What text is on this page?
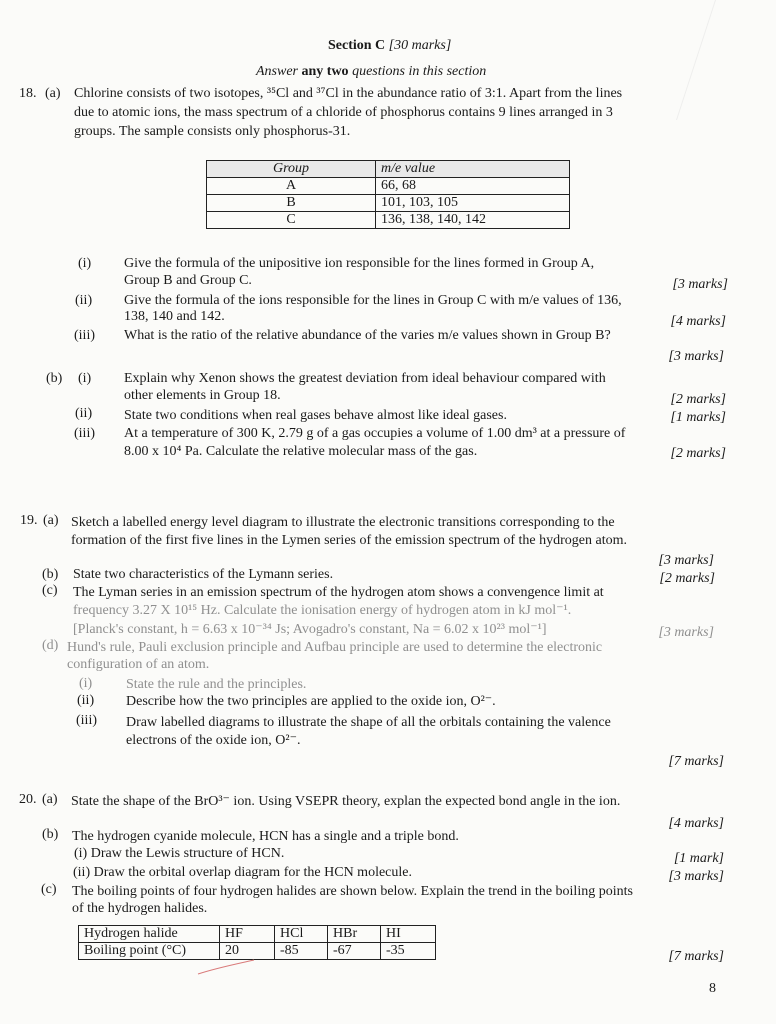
Section C [30 marks]
Answer any two questions in this section
18. (a) Chlorine consists of two isotopes, ³⁵Cl and ³⁷Cl in the abundance ratio of 3:1. Apart from the lines
due to atomic ions, the mass spectrum of a chloride of phosphorus contains 9 lines arranged in 3
groups. The sample consists only phosphorus-31.
Group	m/e value
A	66, 68
B	101, 103, 105
C	136, 138, 140, 142
(i) Give the formula of the unipositive ion responsible for the lines formed in Group A,
Group B and Group C.	[3 marks]
(ii) Give the formula of the ions responsible for the lines in Group C with m/e values of 136,
138, 140 and 142.	[4 marks]
(iii) What is the ratio of the relative abundance of the varies m/e values shown in Group B?
[3 marks]
(b) (i) Explain why Xenon shows the greatest deviation from ideal behaviour compared with
other elements in Group 18.	[2 marks]
(ii) State two conditions when real gases behave almost like ideal gases.	[1 marks]
(iii) At a temperature of 300 K, 2.79 g of a gas occupies a volume of 1.00 dm³ at a pressure of
8.00 x 10⁴ Pa. Calculate the relative molecular mass of the gas.	[2 marks]
19. (a) Sketch a labelled energy level diagram to illustrate the electronic transitions corresponding to the
formation of the first five lines in the Lymen series of the emission spectrum of the hydrogen atom.
[3 marks]
(b) State two characteristics of the Lymann series.	[2 marks]
(c) The Lyman series in an emission spectrum of the hydrogen atom shows a convengence limit at
frequency 3.27 X 10¹⁵ Hz. Calculate the ionisation energy of hydrogen atom in kJ mol⁻¹.
[Planck's constant, h = 6.63 x 10⁻³⁴ Js; Avogadro's constant, Na = 6.02 x 10²³ mol⁻¹]	[3 marks]
(d) Hund's rule, Pauli exclusion principle and Aufbau principle are used to determine the electronic
configuration of an atom.
(i) State the rule and the principles.
(ii) Describe how the two principles are applied to the oxide ion, O²⁻.
(iii) Draw labelled diagrams to illustrate the shape of all the orbitals containing the valence
electrons of the oxide ion, O²⁻.
[7 marks]
20. (a) State the shape of the BrO³⁻ ion. Using VSEPR theory, explan the expected bond angle in the ion.
[4 marks]
(b) The hydrogen cyanide molecule, HCN has a single and a triple bond.
(i) Draw the Lewis structure of HCN.	[1 mark]
(ii) Draw the orbital overlap diagram for the HCN molecule.	[3 marks]
(c) The boiling points of four hydrogen halides are shown below. Explain the trend in the boiling points
of the hydrogen halides.
Hydrogen halide	HF	HCl	HBr	HI
Boiling point (°C)	20	-85	-67	-35	[7 marks]
8
